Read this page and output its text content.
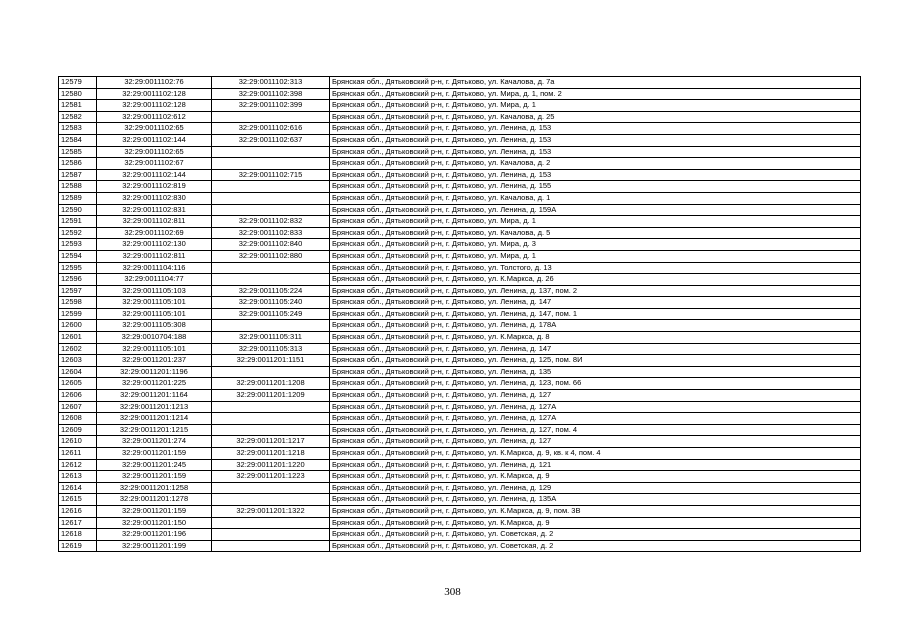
12579	32:29:0011102:76	32:29:0011102:313	Брянская обл., Дятьковский р-н, г. Дятьково, ул. Качалова, д. 7а
12580	32:29:0011102:128	32:29:0011102:398	Брянская обл., Дятьковский р-н, г. Дятьково, ул. Мира, д. 1, пом. 2
12581	32:29:0011102:128	32:29:0011102:399	Брянская обл., Дятьковский р-н, г. Дятьково, ул. Мира, д. 1
12582	32:29:0011102:612		Брянская обл., Дятьковский р-н, г. Дятьково, ул. Качалова, д. 25
12583	32:29:0011102:65	32:29:0011102:616	Брянская обл., Дятьковский р-н, г. Дятьково, ул. Ленина, д. 153
12584	32:29:0011102:144	32:29:0011102:637	Брянская обл., Дятьковский р-н, г. Дятьково, ул. Ленина, д. 153
12585	32:29:0011102:65		Брянская обл., Дятьковский р-н, г. Дятьково, ул. Ленина, д. 153
12586	32:29:0011102:67		Брянская обл., Дятьковский р-н, г. Дятьково, ул. Качалова, д. 2
12587	32:29:0011102:144	32:29:0011102:715	Брянская обл., Дятьковский р-н, г. Дятьково, ул. Ленина, д. 153
12588	32:29:0011102:819		Брянская обл., Дятьковский р-н, г. Дятьково, ул. Ленина, д. 155
12589	32:29:0011102:830		Брянская обл., Дятьковский р-н, г. Дятьково, ул. Качалова, д. 1
12590	32:29:0011102:831		Брянская обл., Дятьковский р-н, г. Дятьково, ул. Ленина, д. 159А
12591	32:29:0011102:811	32:29:0011102:832	Брянская обл., Дятьковский р-н, г. Дятьково, ул. Мира, д. 1
12592	32:29:0011102:69	32:29:0011102:833	Брянская обл., Дятьковский р-н, г. Дятьково, ул. Качалова, д. 5
12593	32:29:0011102:130	32:29:0011102:840	Брянская обл., Дятьковский р-н, г. Дятьково, ул. Мира, д. 3
12594	32:29:0011102:811	32:29:0011102:880	Брянская обл., Дятьковский р-н, г. Дятьково, ул. Мира, д. 1
12595	32:29:0011104:116		Брянская обл., Дятьковский р-н, г. Дятьково, ул. Толстого, д. 13
12596	32:29:0011104:77		Брянская обл., Дятьковский р-н, г. Дятьково, ул. К.Маркса, д. 26
12597	32:29:0011105:103	32:29:0011105:224	Брянская обл., Дятьковский р-н, г. Дятьково, ул. Ленина, д. 137, пом. 2
12598	32:29:0011105:101	32:29:0011105:240	Брянская обл., Дятьковский р-н, г. Дятьково, ул. Ленина, д. 147
12599	32:29:0011105:101	32:29:0011105:249	Брянская обл., Дятьковский р-н, г. Дятьково, ул. Ленина, д. 147, пом. 1
12600	32:29:0011105:308		Брянская обл., Дятьковский р-н, г. Дятьково, ул. Ленина, д. 178А
12601	32:29:0010704:188	32:29:0011105:311	Брянская обл., Дятьковский р-н, г. Дятьково, ул. К.Маркса, д. 8
12602	32:29:0011105:101	32:29:0011105:313	Брянская обл., Дятьковский р-н, г. Дятьково, ул. Ленина, д. 147
12603	32:29:0011201:237	32:29:0011201:1151	Брянская обл., Дятьковский р-н, г. Дятьково, ул. Ленина, д. 125, пом. 8И
12604	32:29:0011201:1196		Брянская обл., Дятьковский р-н, г. Дятьково, ул. Ленина, д. 135
12605	32:29:0011201:225	32:29:0011201:1208	Брянская обл., Дятьковский р-н, г. Дятьково, ул. Ленина, д. 123, пом. 66
12606	32:29:0011201:1164	32:29:0011201:1209	Брянская обл., Дятьковский р-н, г. Дятьково, ул. Ленина, д. 127
12607	32:29:0011201:1213		Брянская обл., Дятьковский р-н, г. Дятьково, ул. Ленина, д. 127А
12608	32:29:0011201:1214		Брянская обл., Дятьковский р-н, г. Дятьково, ул. Ленина, д. 127А
12609	32:29:0011201:1215		Брянская обл., Дятьковский р-н, г. Дятьково, ул. Ленина, д. 127, пом. 4
12610	32:29:0011201:274	32:29:0011201:1217	Брянская обл., Дятьковский р-н, г. Дятьково, ул. Ленина, д. 127
12611	32:29:0011201:159	32:29:0011201:1218	Брянская обл., Дятьковский р-н, г. Дятьково, ул. К.Маркса, д. 9, кв. к 4, пом. 4
12612	32:29:0011201:245	32:29:0011201:1220	Брянская обл., Дятьковский р-н, г. Дятьково, ул. Ленина, д. 121
12613	32:29:0011201:159	32:29:0011201:1223	Брянская обл., Дятьковский р-н, г. Дятьково, ул. К.Маркса, д. 9
12614	32:29:0011201:1258		Брянская обл., Дятьковский р-н, г. Дятьково, ул. Ленина, д. 129
12615	32:29:0011201:1278		Брянская обл., Дятьковский р-н, г. Дятьково, ул. Ленина, д. 135А
12616	32:29:0011201:159	32:29:0011201:1322	Брянская обл., Дятьковский р-н, г. Дятьково, ул. К.Маркса, д. 9, пом. 3В
12617	32:29:0011201:150		Брянская обл., Дятьковский р-н, г. Дятьково, ул. К.Маркса, д. 9
12618	32:29:0011201:196		Брянская обл., Дятьковский р-н, г. Дятьково, ул. Советская, д. 2
12619	32:29:0011201:199		Брянская обл., Дятьковский р-н, г. Дятьково, ул. Советская, д. 2
308
